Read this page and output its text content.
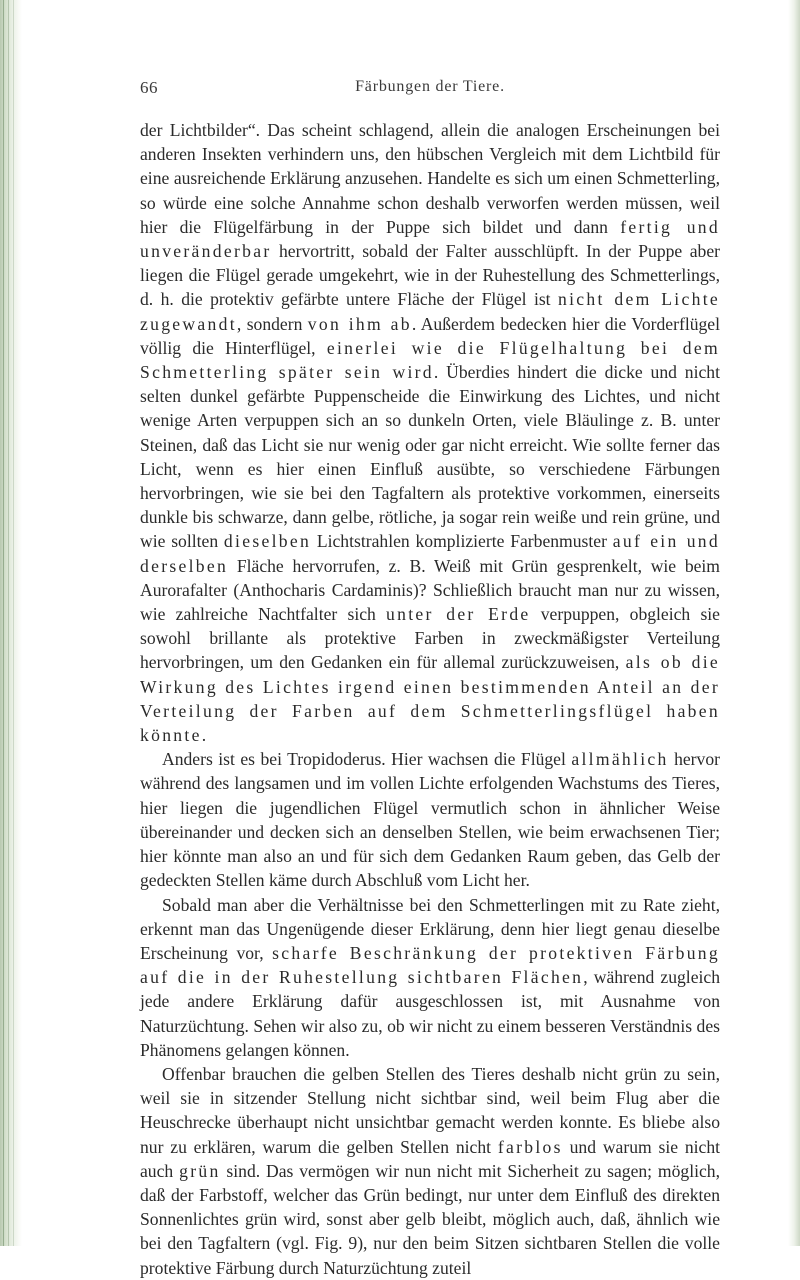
66	Färbungen der Tiere.

der Lichtbilder“. Das scheint schlagend, allein die analogen Erscheinungen bei anderen Insekten verhindern uns, den hübschen Vergleich mit dem Lichtbild für eine ausreichende Erklärung anzusehen. Handelte es sich um einen Schmetterling, so würde eine solche Annahme schon deshalb verworfen werden müssen, weil hier die Flügelfärbung in der Puppe sich bildet und dann fertig und unveränderbar hervortritt, sobald der Falter ausschlüpft. In der Puppe aber liegen die Flügel gerade umgekehrt, wie in der Ruhestellung des Schmetterlings, d. h. die protektiv gefärbte untere Fläche der Flügel ist nicht dem Lichte zugewandt, sondern von ihm ab. Außerdem bedecken hier die Vorderflügel völlig die Hinterflügel, einerlei wie die Flügelhaltung bei dem Schmetterling später sein wird. Überdies hindert die dicke und nicht selten dunkel gefärbte Puppenscheide die Einwirkung des Lichtes, und nicht wenige Arten verpuppen sich an so dunkeln Orten, viele Bläulinge z. B. unter Steinen, daß das Licht sie nur wenig oder gar nicht erreicht. Wie sollte ferner das Licht, wenn es hier einen Einfluß ausübte, so verschiedene Färbungen hervorbringen, wie sie bei den Tagfaltern als protektive vorkommen, einerseits dunkle bis schwarze, dann gelbe, rötliche, ja sogar rein weiße und rein grüne, und wie sollten dieselben Lichtstrahlen komplizierte Farbenmuster auf ein und derselben Fläche hervorrufen, z. B. Weiß mit Grün gesprenkelt, wie beim Aurorafalter (Anthocharis Cardaminis)? Schließlich braucht man nur zu wissen, wie zahlreiche Nachtfalter sich unter der Erde verpuppen, obgleich sie sowohl brillante als protektive Farben in zweckmäßigster Verteilung hervorbringen, um den Gedanken ein für allemal zurückzuweisen, als ob die Wirkung des Lichtes irgend einen bestimmenden Anteil an der Verteilung der Farben auf dem Schmetterlingsflügel haben könnte.

Anders ist es bei Tropidoderus. Hier wachsen die Flügel allmählich hervor während des langsamen und im vollen Lichte erfolgenden Wachstums des Tieres, hier liegen die jugendlichen Flügel vermutlich schon in ähnlicher Weise übereinander und decken sich an denselben Stellen, wie beim erwachsenen Tier; hier könnte man also an und für sich dem Gedanken Raum geben, das Gelb der gedeckten Stellen käme durch Abschluß vom Licht her.

Sobald man aber die Verhältnisse bei den Schmetterlingen mit zu Rate zieht, erkennt man das Ungenügende dieser Erklärung, denn hier liegt genau dieselbe Erscheinung vor, scharfe Beschränkung der protektiven Färbung auf die in der Ruhestellung sichtbaren Flächen, während zugleich jede andere Erklärung dafür ausgeschlossen ist, mit Ausnahme von Naturzüchtung. Sehen wir also zu, ob wir nicht zu einem besseren Verständnis des Phänomens gelangen können.

Offenbar brauchen die gelben Stellen des Tieres deshalb nicht grün zu sein, weil sie in sitzender Stellung nicht sichtbar sind, weil beim Flug aber die Heuschrecke überhaupt nicht unsichtbar gemacht werden konnte. Es bliebe also nur zu erklären, warum die gelben Stellen nicht farblos und warum sie nicht auch grün sind. Das vermögen wir nun nicht mit Sicherheit zu sagen; möglich, daß der Farbstoff, welcher das Grün bedingt, nur unter dem Einfluß des direkten Sonnenlichtes grün wird, sonst aber gelb bleibt, möglich auch, daß, ähnlich wie bei den Tagfaltern (vgl. Fig. 9), nur den beim Sitzen sichtbaren Stellen die volle protektive Färbung durch Naturzüchtung zuteil
